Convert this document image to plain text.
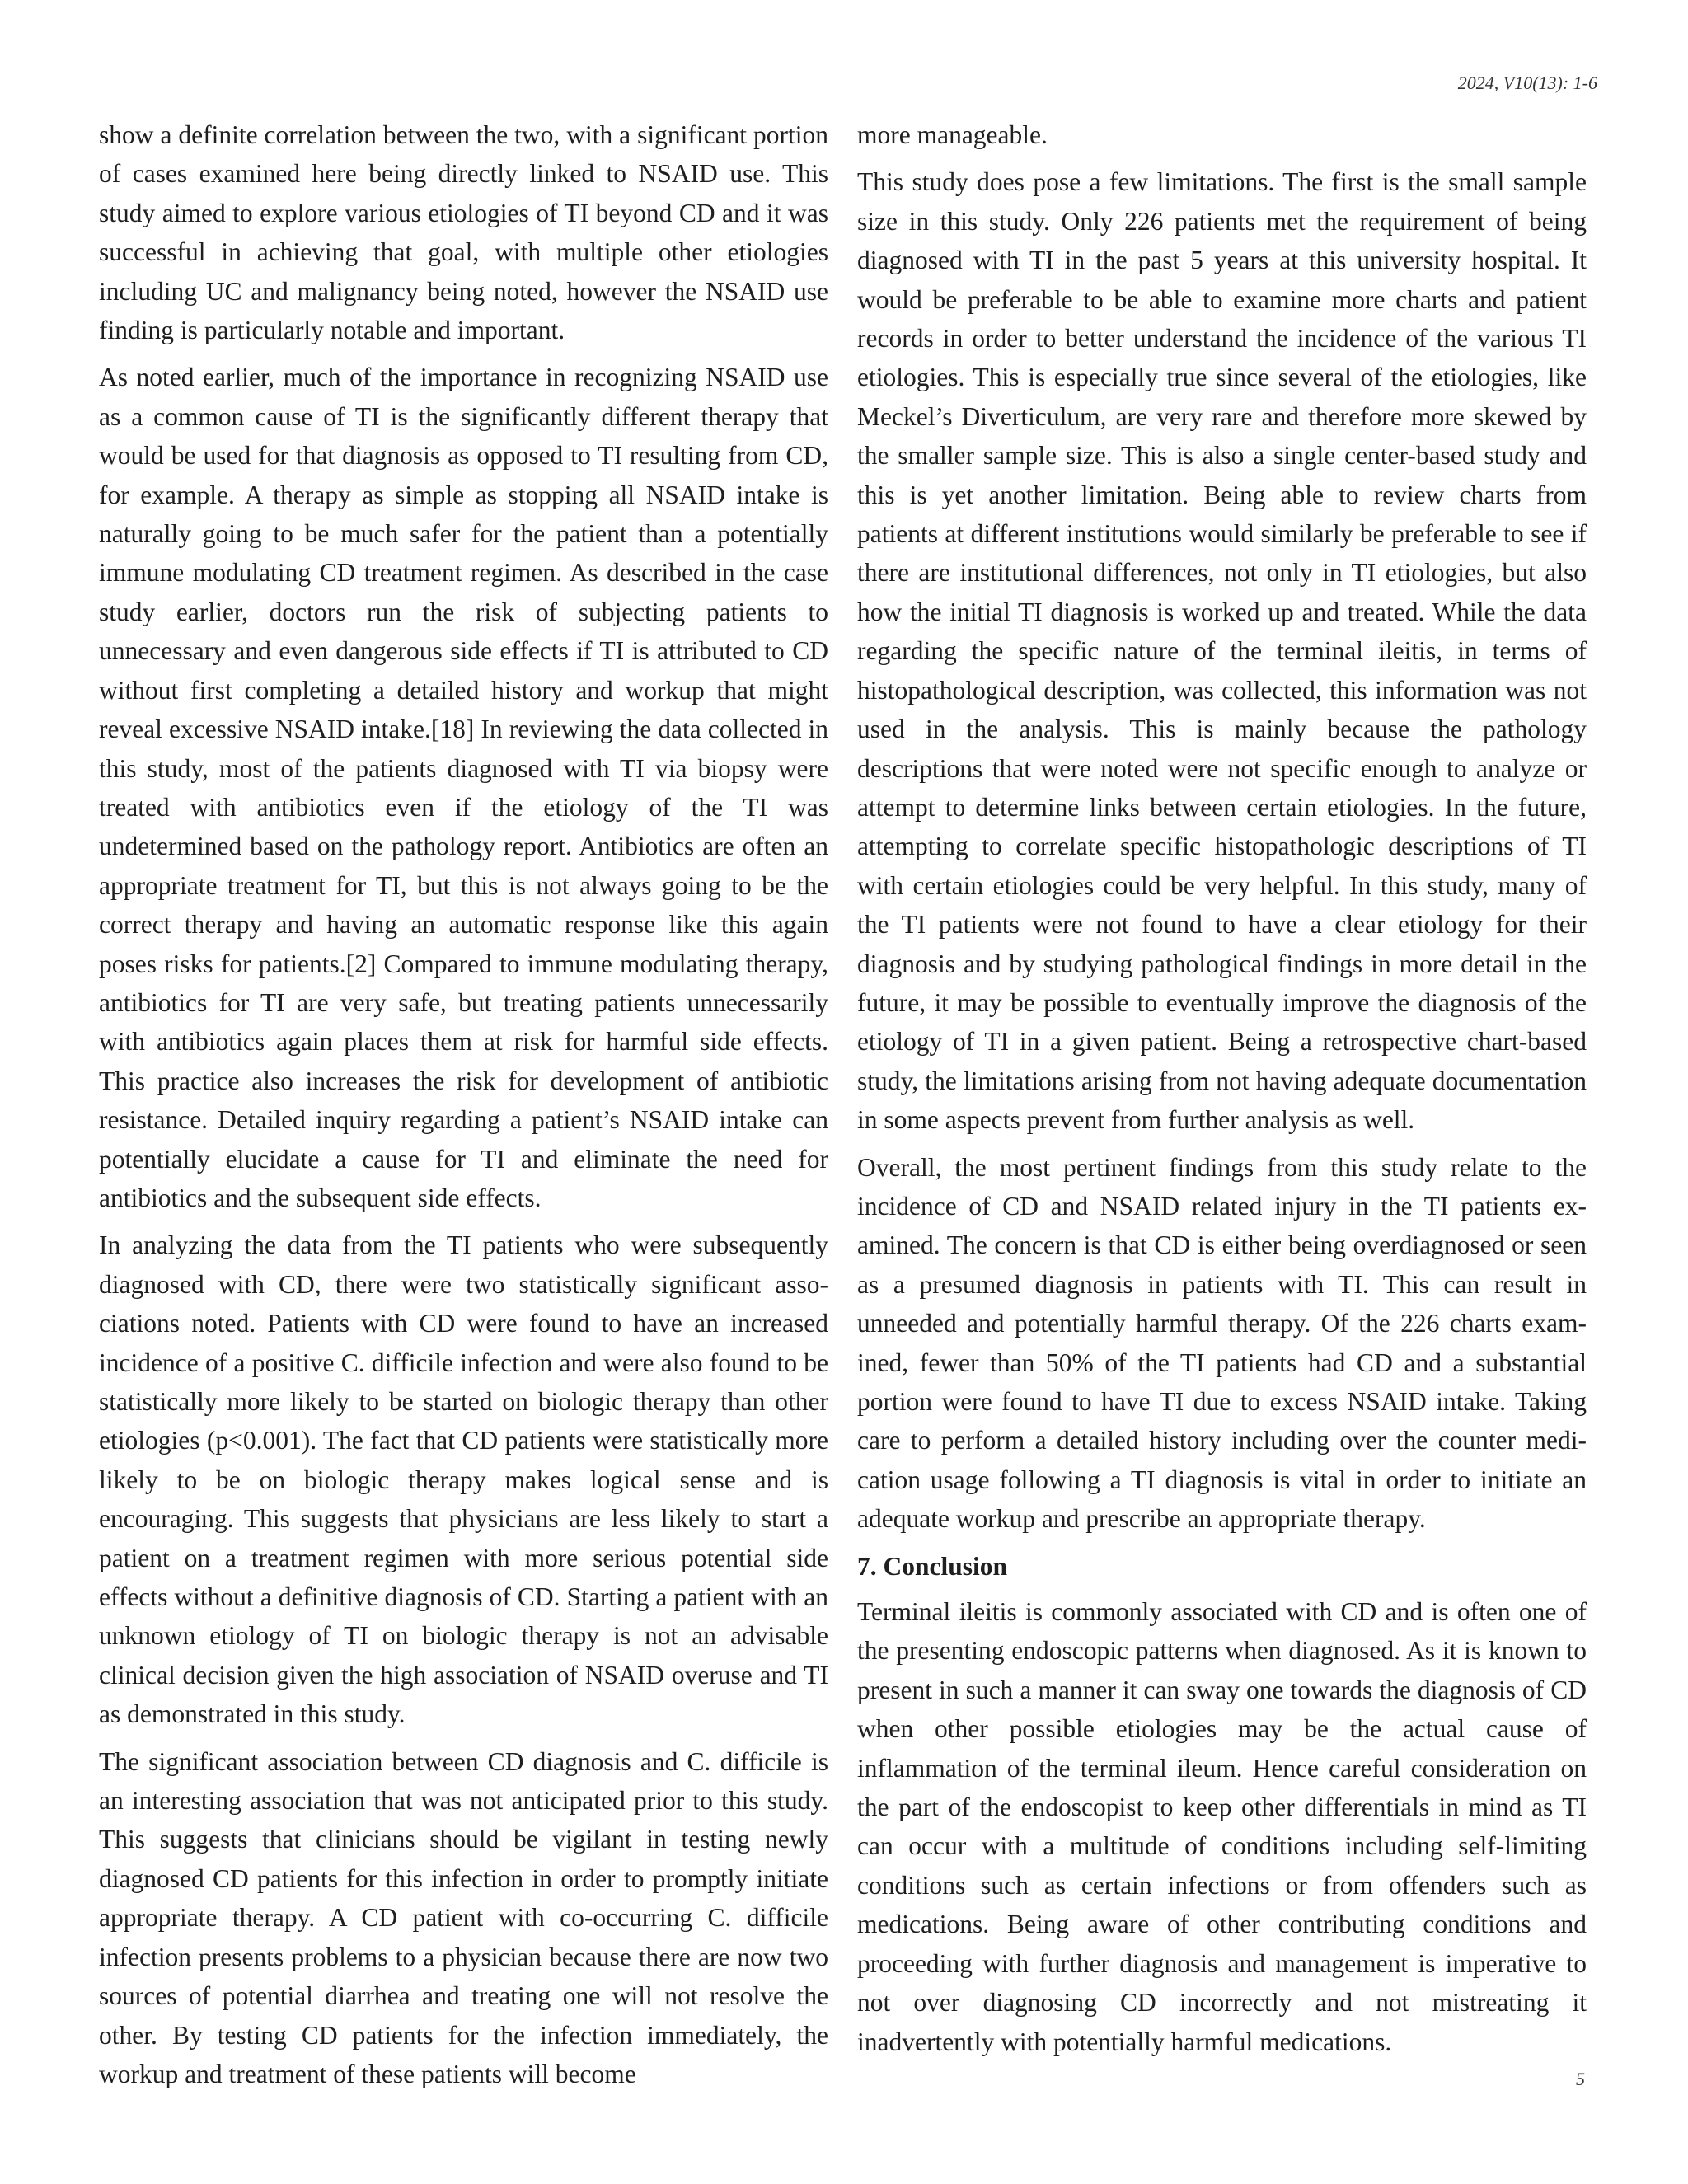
2024, V10(13): 1-6

show a definite correlation between the two, with a significant portion of cases examined here being directly linked to NSAID use. This study aimed to explore various etiologies of TI beyond CD and it was successful in achieving that goal, with multiple other etiologies including UC and malignancy being noted, however the NSAID use finding is particularly notable and important.

As noted earlier, much of the importance in recognizing NSAID use as a common cause of TI is the significantly different therapy that would be used for that diagnosis as opposed to TI resulting from CD, for example. A therapy as simple as stopping all NSAID intake is naturally going to be much safer for the patient than a potentially immune modulating CD treatment regimen. As described in the case study earlier, doctors run the risk of subjecting patients to unnecessary and even dangerous side effects if TI is attributed to CD without first completing a detailed history and workup that might reveal excessive NSAID intake.[18] In reviewing the data collected in this study, most of the patients diagnosed with TI via biopsy were treated with antibiotics even if the etiology of the TI was undetermined based on the pathology report. Antibiotics are often an appropriate treatment for TI, but this is not always going to be the correct therapy and having an automatic response like this again poses risks for patients.[2] Compared to immune modulating therapy, antibiotics for TI are very safe, but treating patients unnecessarily with antibiotics again places them at risk for harmful side effects. This practice also increases the risk for development of antibiotic resistance. Detailed inquiry regarding a patient’s NSAID intake can potentially elucidate a cause for TI and eliminate the need for antibiotics and the subsequent side effects.

In analyzing the data from the TI patients who were subsequently diagnosed with CD, there were two statistically significant associations noted. Patients with CD were found to have an increased incidence of a positive C. difficile infection and were also found to be statistically more likely to be started on biologic therapy than other etiologies (p<0.001). The fact that CD patients were statistically more likely to be on biologic therapy makes logical sense and is encouraging. This suggests that physicians are less likely to start a patient on a treatment regimen with more serious potential side effects without a definitive diagnosis of CD. Starting a patient with an unknown etiology of TI on biologic therapy is not an advisable clinical decision given the high association of NSAID overuse and TI as demonstrated in this study.

The significant association between CD diagnosis and C. difficile is an interesting association that was not anticipated prior to this study. This suggests that clinicians should be vigilant in testing newly diagnosed CD patients for this infection in order to promptly initiate appropriate therapy. A CD patient with co-occurring C. difficile infection presents problems to a physician because there are now two sources of potential diarrhea and treating one will not resolve the other. By testing CD patients for the infection immediately, the workup and treatment of these patients will become

more manageable.

This study does pose a few limitations. The first is the small sample size in this study. Only 226 patients met the requirement of being diagnosed with TI in the past 5 years at this university hospital. It would be preferable to be able to examine more charts and patient records in order to better understand the incidence of the various TI etiologies. This is especially true since several of the etiologies, like Meckel’s Diverticulum, are very rare and therefore more skewed by the smaller sample size. This is also a single center-based study and this is yet another limitation. Being able to review charts from patients at different institutions would similarly be preferable to see if there are institutional differences, not only in TI etiologies, but also how the initial TI diagnosis is worked up and treated. While the data regarding the specific nature of the terminal ileitis, in terms of histopathological description, was collected, this information was not used in the analysis. This is mainly because the pathology descriptions that were noted were not specific enough to analyze or attempt to determine links between certain etiologies. In the future, attempting to correlate specific histopathologic descriptions of TI with certain etiologies could be very helpful. In this study, many of the TI patients were not found to have a clear etiology for their diagnosis and by studying pathological findings in more detail in the future, it may be possible to eventually improve the diagnosis of the etiology of TI in a given patient. Being a retrospective chart-based study, the limitations arising from not having adequate documentation in some aspects prevent from further analysis as well.

Overall, the most pertinent findings from this study relate to the incidence of CD and NSAID related injury in the TI patients examined. The concern is that CD is either being overdiagnosed or seen as a presumed diagnosis in patients with TI. This can result in unneeded and potentially harmful therapy. Of the 226 charts examined, fewer than 50% of the TI patients had CD and a substantial portion were found to have TI due to excess NSAID intake. Taking care to perform a detailed history including over the counter medication usage following a TI diagnosis is vital in order to initiate an adequate workup and prescribe an appropriate therapy.

7. Conclusion

Terminal ileitis is commonly associated with CD and is often one of the presenting endoscopic patterns when diagnosed. As it is known to present in such a manner it can sway one towards the diagnosis of CD when other possible etiologies may be the actual cause of inflammation of the terminal ileum. Hence careful consideration on the part of the endoscopist to keep other differentials in mind as TI can occur with a multitude of conditions including self-limiting conditions such as certain infections or from offenders such as medications. Being aware of other contributing conditions and proceeding with further diagnosis and management is imperative to not over diagnosing CD incorrectly and not mistreating it inadvertently with potentially harmful medications.

5
